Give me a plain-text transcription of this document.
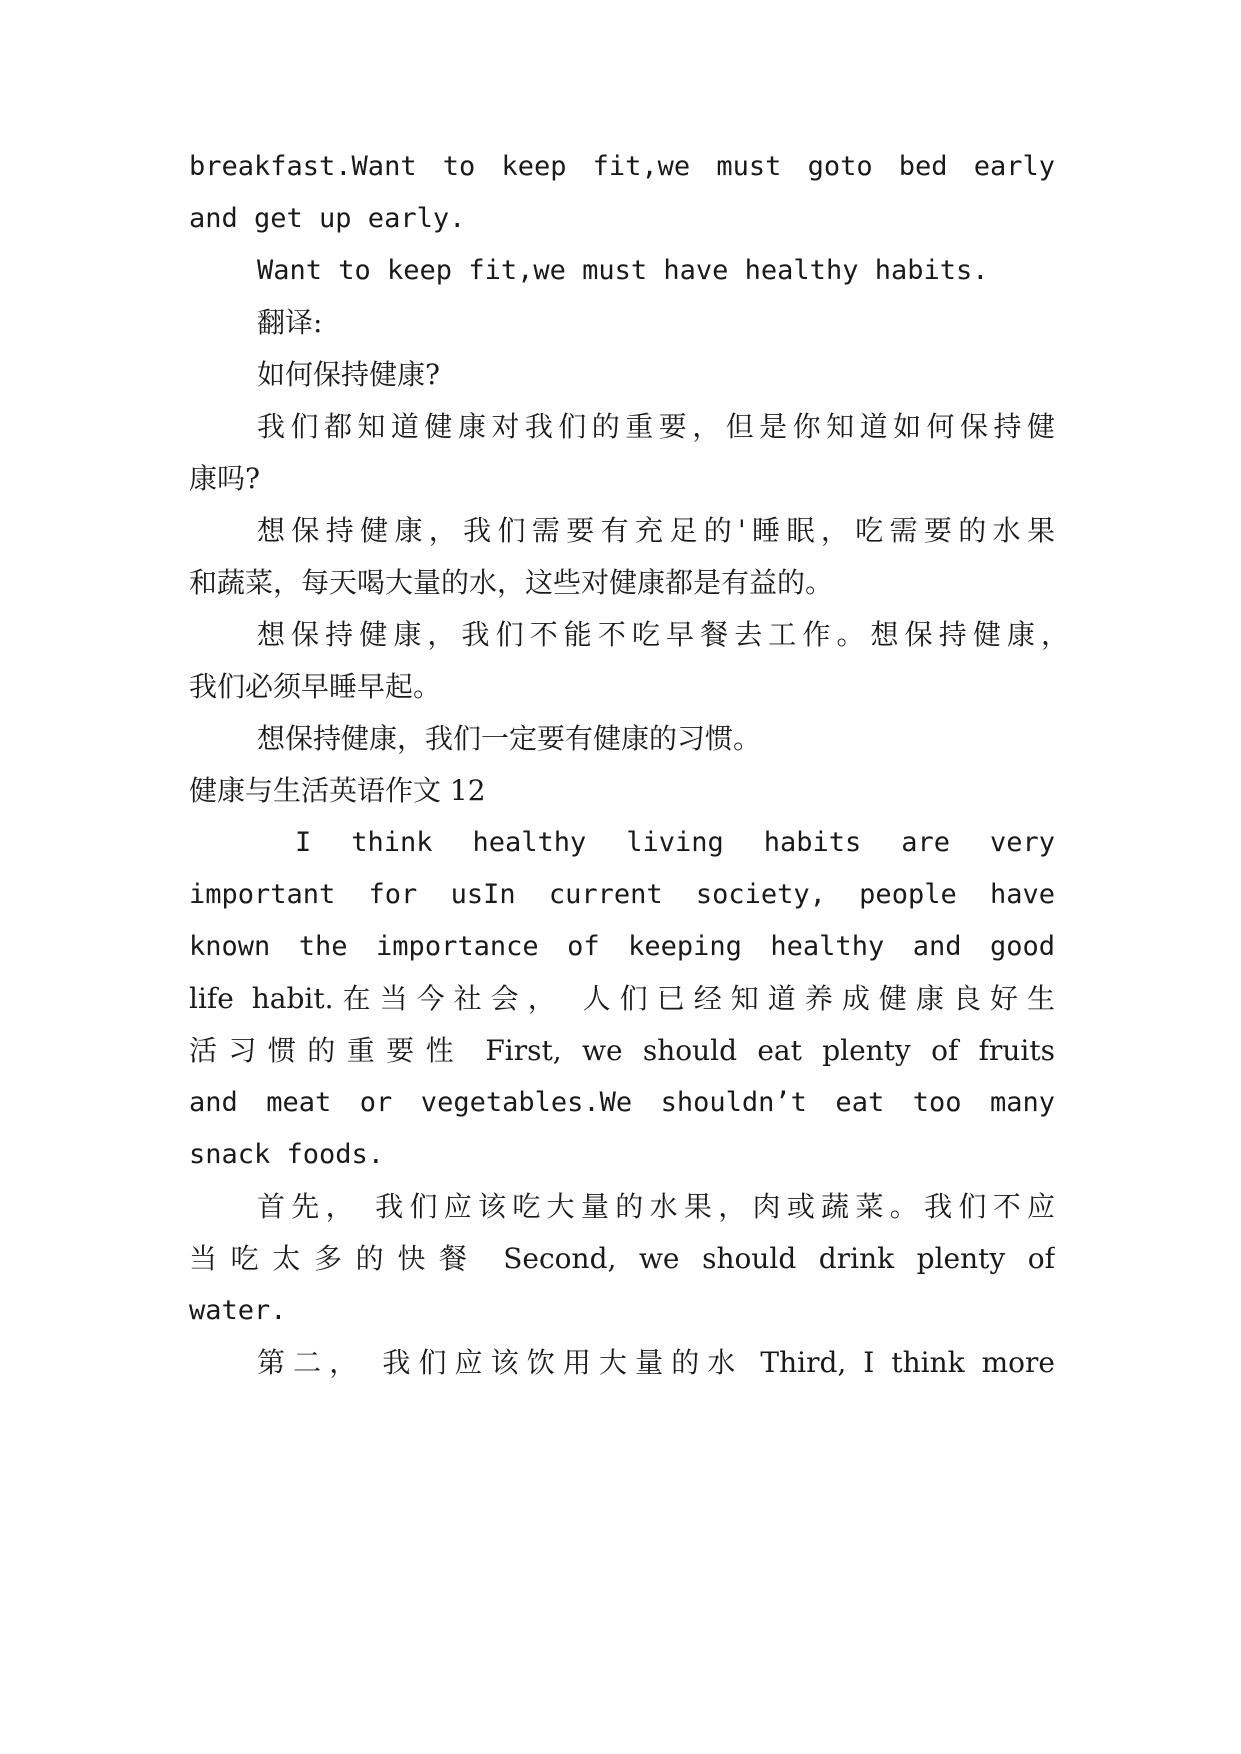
breakfast.Want to keep fit,we must goto bed early
and get up early.
Want to keep fit,we must have healthy habits.
翻译:
如何保持健康?
我们都知道健康对我们的重要，但是你知道如何保持健
康吗?
想保持健康，我们需要有充足的'睡眠，吃需要的水果
和蔬菜，每天喝大量的水，这些对健康都是有益的。
想保持健康，我们不能不吃早餐去工作。想保持健康，
我们必须早睡早起。
想保持健康，我们一定要有健康的习惯。
健康与生活英语作文 12
I think healthy living habits are very
important for usIn current society, people have
known the importance of keeping healthy and good
life habit.在当今社会， 人们已经知道养成健康良好生
活习惯的重要性 First, we should eat plenty of fruits
and meat or vegetables.We shouldn’t eat too many
snack foods.
首先， 我们应该吃大量的水果，肉或蔬菜。我们不应
当吃太多的快餐 Second, we should drink plenty of
water.
第二， 我们应该饮用大量的水 Third, I think more
